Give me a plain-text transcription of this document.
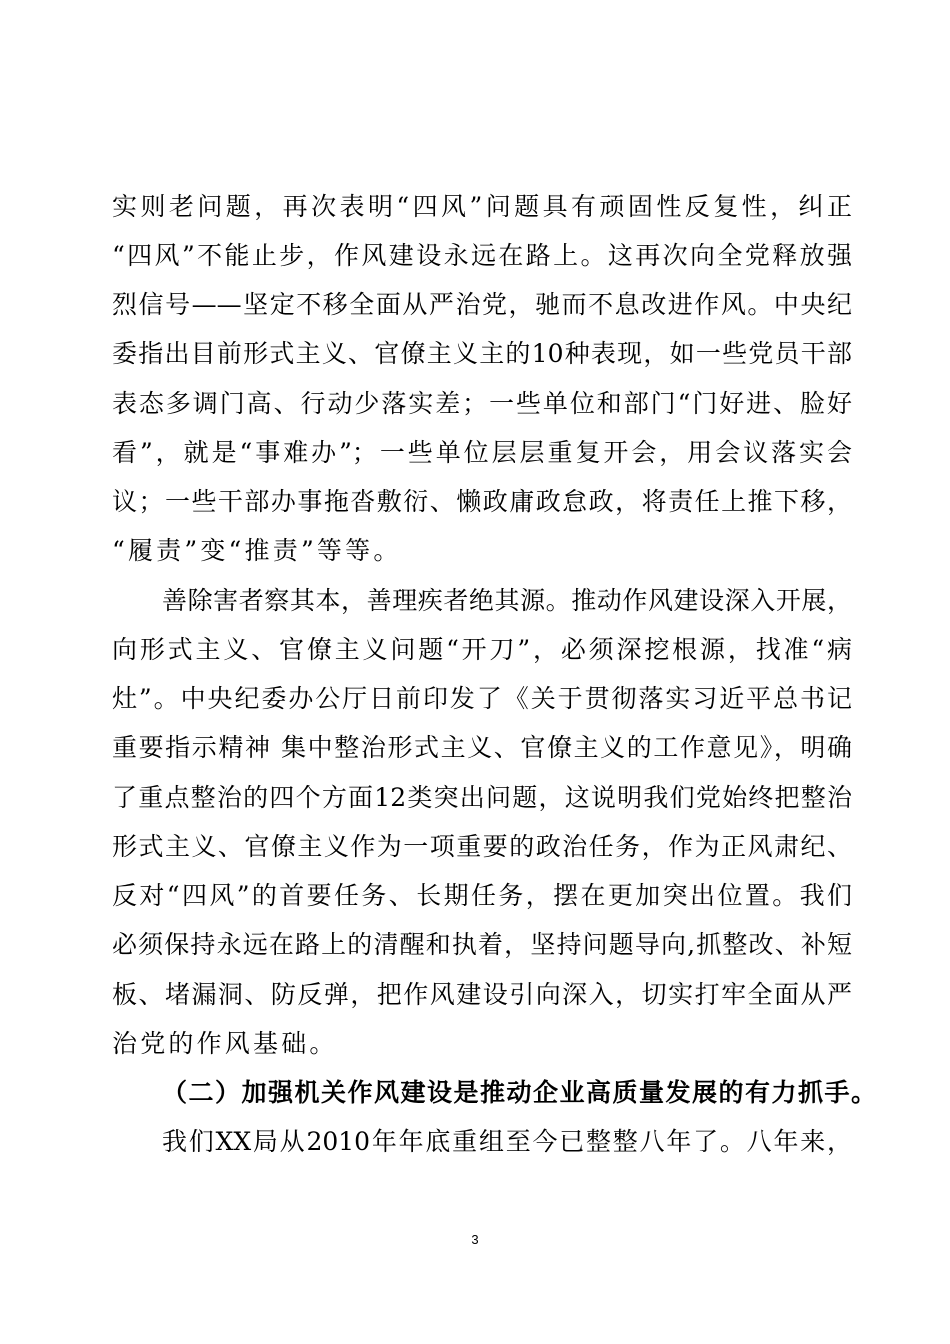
实则老问题，再次表明“四风”问题具有顽固性反复性，纠正
“四风”不能止步，作风建设永远在路上。这再次向全党释放强
烈信号——坚定不移全面从严治党，驰而不息改进作风。中央纪
委指出目前形式主义、官僚主义主的10种表现，如一些党员干部
表态多调门高、行动少落实差；一些单位和部门“门好进、脸好
看”，就是“事难办”；一些单位层层重复开会，用会议落实会
议；一些干部办事拖沓敷衍、懒政庸政怠政，将责任上推下移，
“履责”变“推责”等等。
善除害者察其本，善理疾者绝其源。推动作风建设深入开展，
向形式主义、官僚主义问题“开刀”，必须深挖根源，找准“病
灶”。中央纪委办公厅日前印发了《关于贯彻落实习近平总书记
重要指示精神 集中整治形式主义、官僚主义的工作意见》，明确
了重点整治的四个方面12类突出问题，这说明我们党始终把整治
形式主义、官僚主义作为一项重要的政治任务，作为正风肃纪、
反对“四风”的首要任务、长期任务，摆在更加突出位置。我们
必须保持永远在路上的清醒和执着，坚持问题导向,抓整改、补短
板、堵漏洞、防反弹，把作风建设引向深入，切实打牢全面从严
治党的作风基础。
（二）加强机关作风建设是推动企业高质量发展的有力抓手。
我们XX局从2010年年底重组至今已整整八年了。八年来，
3
